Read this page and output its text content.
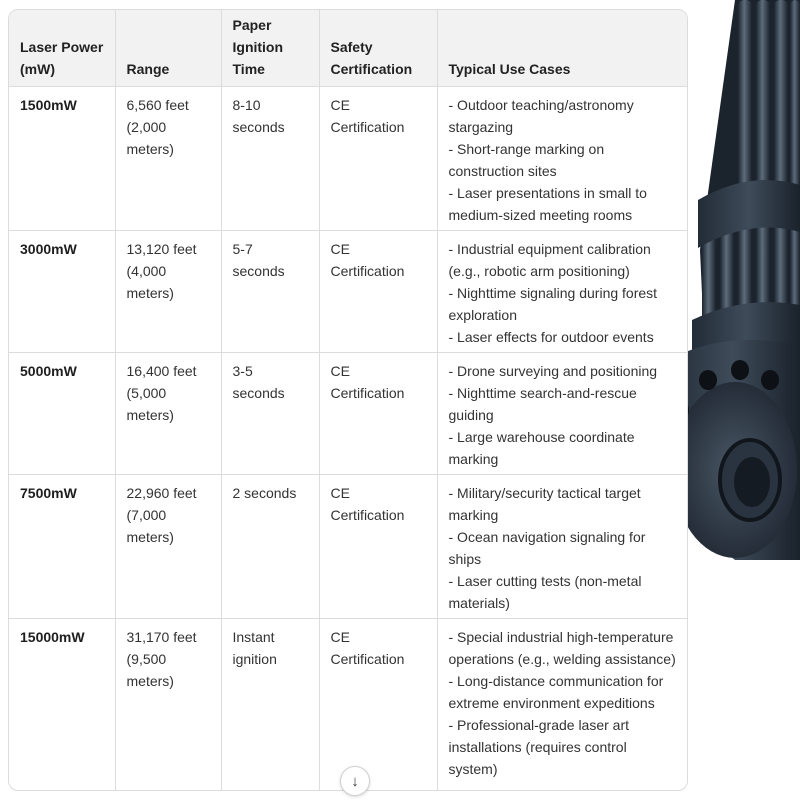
Laser Power (mW)	Range	Paper Ignition Time	Safety Certification	Typical Use Cases
1500mW	6,560 feet (2,000 meters)	8-10 seconds	CE Certification	- Outdoor teaching/astronomy stargazing
- Short-range marking on construction sites
- Laser presentations in small to medium-sized meeting rooms

3000mW	13,120 feet (4,000 meters)	5-7 seconds	CE Certification	- Industrial equipment calibration (e.g., robotic arm positioning)
- Nighttime signaling during forest exploration
- Laser effects for outdoor events

5000mW	16,400 feet (5,000 meters)	3-5 seconds	CE Certification	- Drone surveying and positioning
- Nighttime search-and-rescue guiding
- Large warehouse coordinate marking

7500mW	22,960 feet (7,000 meters)	2 seconds	CE Certification	- Military/security tactical target marking
- Ocean navigation signaling for ships
- Laser cutting tests (non-metal materials)

15000mW	31,170 feet (9,500 meters)	Instant ignition	CE Certification	- Special industrial high-temperature operations (e.g., welding assistance)
- Long-distance communication for extreme environment expeditions
- Professional-grade laser art installations (requires control system)
↓
